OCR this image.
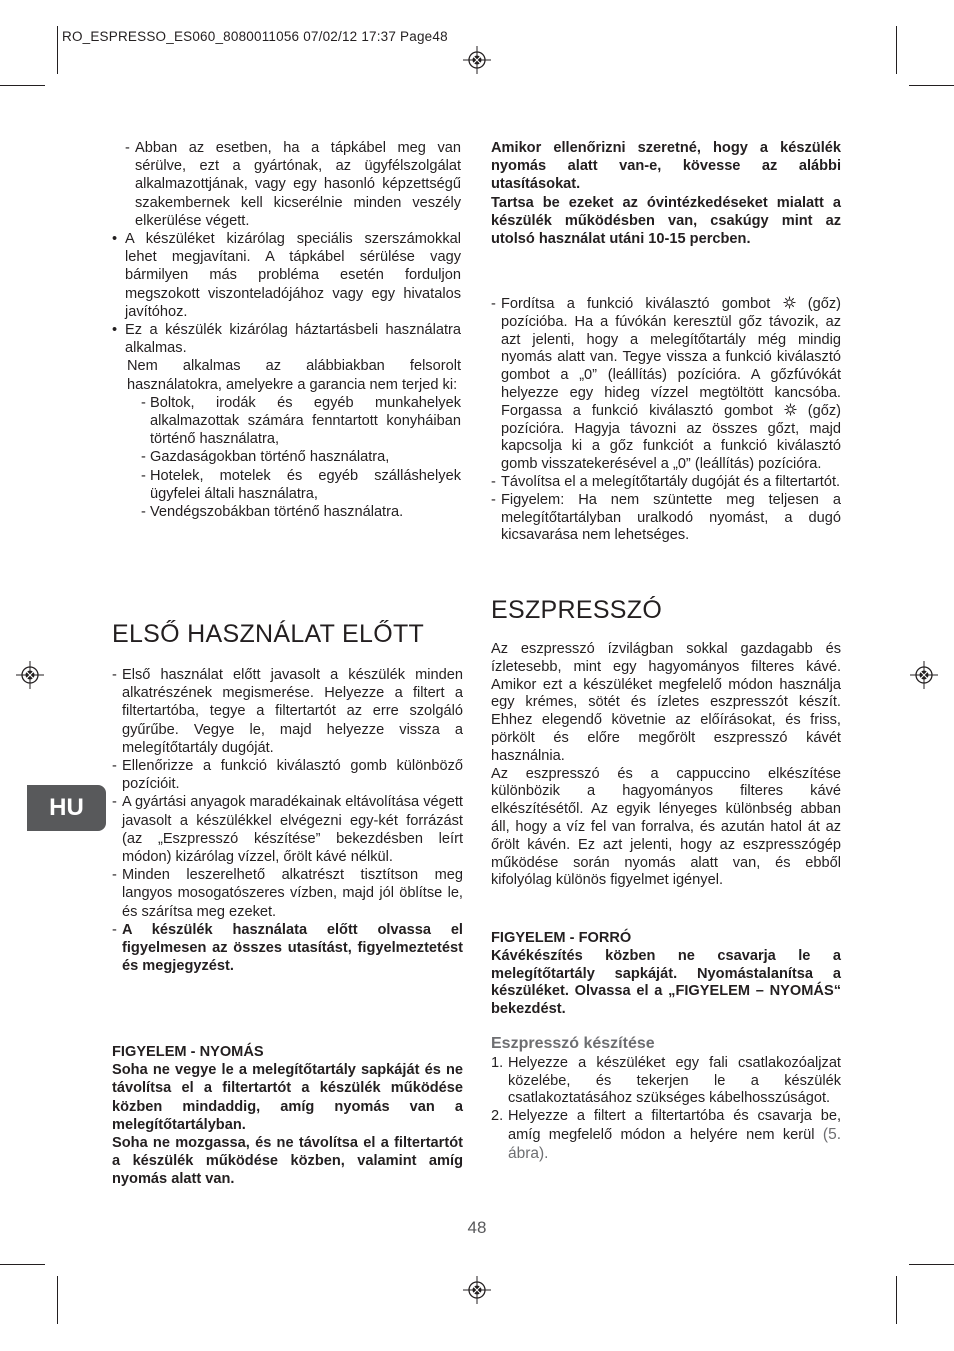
RO_ESPRESSO_ES060_8080011056 07/02/12 17:37 Page48
HU
- Abban az esetben, ha a tápkábel meg van sérülve, ezt a gyártónak, az ügyfélszolgálat alkalmazottjának, vagy egy hasonló képzettségű szakembernek kell kicserélnie minden veszély elkerülése végett.

• A készüléket kizárólag speciális szerszámokkal lehet megjavítani. A tápkábel sérülése vagy bármilyen más probléma esetén forduljon megszokott viszonteladójához vagy egy hivatalos javítóhoz.

• Ez a készülék kizárólag háztartásbeli használatra alkalmas.

Nem alkalmas az alábbiakban felsorolt használatokra, amelyekre a garancia nem terjed ki:

- Boltok, irodák és egyéb munkahelyek alkalmazottak számára fenntartott konyháiban történő használatra,

- Gazdaságokban történő használatra,

- Hotelek, motelek és egyéb szálláshelyek ügyfelei általi használatra,

- Vendégszobákban történő használatra.

ELSŐ HASZNÁLAT ELŐTT
- Első használat előtt javasolt a készülék minden alkatrészének megismerése. Helyezze a filtert a filtertartóba, tegye a filtertartót az erre szolgáló gyűrűbe. Vegye le, majd helyezze vissza a melegítőtartály dugóját.

- Ellenőrizze a funkció kiválasztó gomb különböző pozícióit.

- A gyártási anyagok maradékainak eltávolítása végett javasolt a készülékkel elvégezni egy-két forrázást (az „Eszpresszó készítése” bekezdésben leírt módon) kizárólag vízzel, őrölt kávé nélkül.

- Minden leszerelhető alkatrészt tisztítson meg langyos mosogatószeres vízben, majd jól öblítse le, és szárítsa meg ezeket.

- A készülék használata előtt olvassa el figyelmesen az összes utasítást, figyelmeztetést és megjegyzést.

FIGYELEM - NYOMÁS

Soha ne vegye le a melegítőtartály sapkáját és ne távolítsa el a filtertartót a készülék működése közben mindaddig, amíg nyomás van a melegítőtartályban.

Soha ne mozgassa, és ne távolítsa el a filtertartót a készülék működése közben, valamint amíg nyomás alatt van.

Amikor ellenőrizni szeretné, hogy a készülék nyomás alatt van-e, kövesse az alábbi utasításokat.

Tartsa be ezeket az óvintézkedéseket mialatt a készülék működésben van, csakúgy mint az utolsó használat utáni 10-15 percben.

- Fordítsa a funkció kiválasztó gombot	(gőz) pozícióba. Ha a fúvókán keresztül gőz távozik, az azt jelenti, hogy a melegítőtartály még mindig nyomás alatt van. Tegye vissza a funkció kiválasztó gombot a „0” (leállítás) pozícióra. A gőzfúvókát helyezze egy hideg vízzel megtöltött kancsóba. Forgassa a funkció kiválasztó gombot (gőz) pozícióra. Hagyja távozni az összes gőzt, majd kapcsolja ki a gőz funkciót a funkció kiválasztó gomb visszatekerésével a „0” (leállítás) pozícióra.

- Távolítsa el a melegítőtartály dugóját és a filtertartót.

- Figyelem: Ha nem szüntette meg teljesen a melegítőtartályban uralkodó nyomást, a dugó kicsavarása nem lehetséges.

ESZPRESSZÓ

Az eszpresszó ízvilágban sokkal gazdagabb és ízletesebb, mint egy hagyományos filteres kávé. Amikor ezt a készüléket megfelelő módon használja egy krémes, sötét és ízletes eszpresszót készít. Ehhez elegendő követnie az előírásokat, és friss, pörkölt és előre megőrölt eszpresszó kávét használnia.

Az eszpresszó és a cappuccino elkészítése különbözik a hagyományos filteres kávé elkészítésétől. Az egyik lényeges különbség abban áll, hogy a víz fel van forralva, és azután hatol át az őrölt kávén. Ez azt jelenti, hogy az eszpresszógép működése során nyomás alatt van, és ebből kifolyólag különös figyelmet igényel.

FIGYELEM - FORRÓ

Kávékészítés közben ne csavarja le a melegítőtartály sapkáját. Nyomástalanítsa a készüléket. Olvassa el a „FIGYELEM – NYOMÁS“ bekezdést.

Eszpresszó készítése

1. Helyezze a készüléket egy fali csatlakozóaljzat közelébe, és tekerjen le a készülék csatlakoztatásához szükséges kábelhosszúságot.

2. Helyezze a filtert a filtertartóba és csavarja be, amíg megfelelő módon a helyére nem kerül (5. ábra).

48
